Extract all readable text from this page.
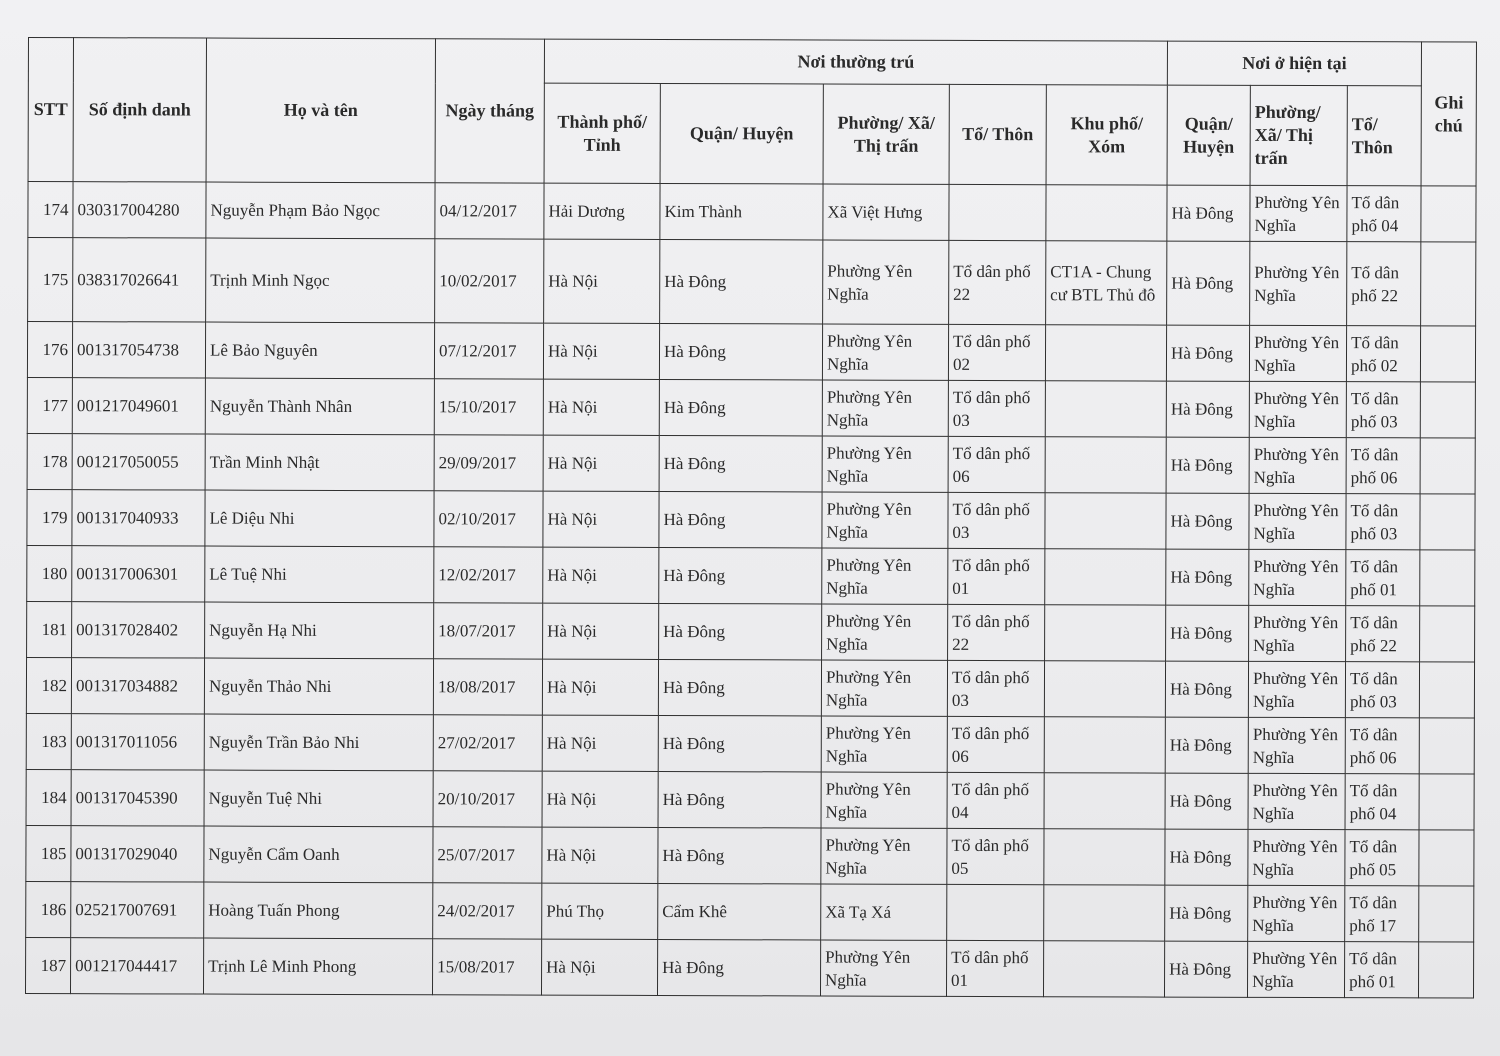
STT	Số định danh	Họ và tên	Ngày tháng	Nơi thường trú					Nơi ở hiện tại			Ghi chú
				Thành phố/ Tỉnh	Quận/ Huyện	Phường/ Xã/ Thị trấn	Tổ/ Thôn	Khu phố/ Xóm	Quận/ Huyện	Phường/ Xã/ Thị trấn	Tổ/ Thôn	
174	030317004280	Nguyễn Phạm Bảo Ngọc	04/12/2017	Hải Dương	Kim Thành	Xã Việt Hưng			Hà Đông	Phường Yên Nghĩa	Tổ dân phố 04	
175	038317026641	Trịnh Minh Ngọc	10/02/2017	Hà Nội	Hà Đông	Phường Yên Nghĩa	Tổ dân phố 22	CT1A - Chung cư BTL Thủ đô	Hà Đông	Phường Yên Nghĩa	Tổ dân phố 22	
176	001317054738	Lê Bảo Nguyên	07/12/2017	Hà Nội	Hà Đông	Phường Yên Nghĩa	Tổ dân phố 02		Hà Đông	Phường Yên Nghĩa	Tổ dân phố 02	
177	001217049601	Nguyễn Thành Nhân	15/10/2017	Hà Nội	Hà Đông	Phường Yên Nghĩa	Tổ dân phố 03		Hà Đông	Phường Yên Nghĩa	Tổ dân phố 03	
178	001217050055	Trần Minh Nhật	29/09/2017	Hà Nội	Hà Đông	Phường Yên Nghĩa	Tổ dân phố 06		Hà Đông	Phường Yên Nghĩa	Tổ dân phố 06	
179	001317040933	Lê Diệu Nhi	02/10/2017	Hà Nội	Hà Đông	Phường Yên Nghĩa	Tổ dân phố 03		Hà Đông	Phường Yên Nghĩa	Tổ dân phố 03	
180	001317006301	Lê Tuệ Nhi	12/02/2017	Hà Nội	Hà Đông	Phường Yên Nghĩa	Tổ dân phố 01		Hà Đông	Phường Yên Nghĩa	Tổ dân phố 01	
181	001317028402	Nguyễn Hạ Nhi	18/07/2017	Hà Nội	Hà Đông	Phường Yên Nghĩa	Tổ dân phố 22		Hà Đông	Phường Yên Nghĩa	Tổ dân phố 22	
182	001317034882	Nguyễn Thảo Nhi	18/08/2017	Hà Nội	Hà Đông	Phường Yên Nghĩa	Tổ dân phố 03		Hà Đông	Phường Yên Nghĩa	Tổ dân phố 03	
183	001317011056	Nguyễn Trần Bảo Nhi	27/02/2017	Hà Nội	Hà Đông	Phường Yên Nghĩa	Tổ dân phố 06		Hà Đông	Phường Yên Nghĩa	Tổ dân phố 06	
184	001317045390	Nguyễn Tuệ Nhi	20/10/2017	Hà Nội	Hà Đông	Phường Yên Nghĩa	Tổ dân phố 04		Hà Đông	Phường Yên Nghĩa	Tổ dân phố 04	
185	001317029040	Nguyễn Cẩm Oanh	25/07/2017	Hà Nội	Hà Đông	Phường Yên Nghĩa	Tổ dân phố 05		Hà Đông	Phường Yên Nghĩa	Tổ dân phố 05	
186	025217007691	Hoàng Tuấn Phong	24/02/2017	Phú Thọ	Cẩm Khê	Xã Tạ Xá			Hà Đông	Phường Yên Nghĩa	Tổ dân phố 17	
187	001217044417	Trịnh Lê Minh Phong	15/08/2017	Hà Nội	Hà Đông	Phường Yên Nghĩa	Tổ dân phố 01		Hà Đông	Phường Yên Nghĩa	Tổ dân phố 01	
